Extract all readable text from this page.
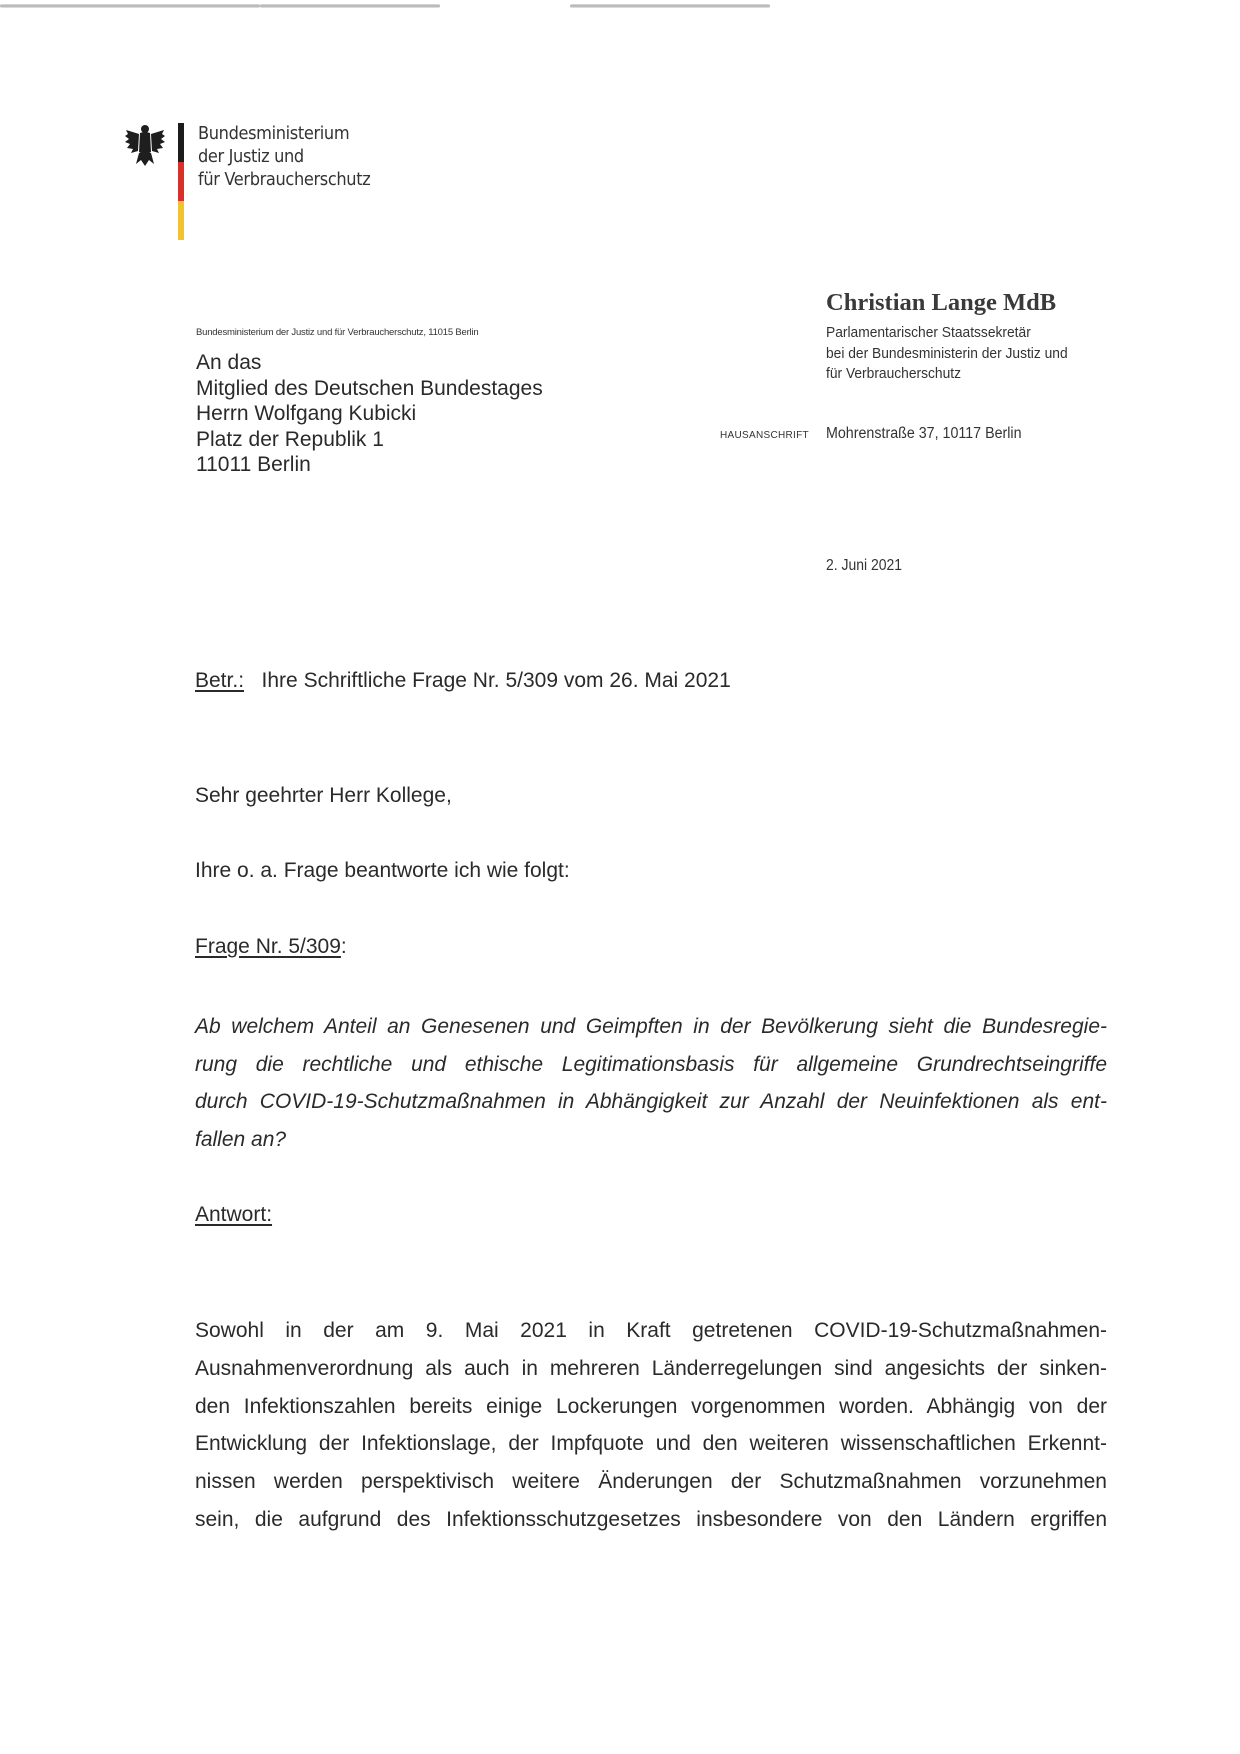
Bundesministerium
der Justiz und
für Verbraucherschutz
Bundesministerium der Justiz und für Verbraucherschutz, 11015 Berlin
An das
Mitglied des Deutschen Bundestages
Herrn Wolfgang Kubicki
Platz der Republik 1
11011 Berlin
Christian Lange MdB
Parlamentarischer Staatssekretär
bei der Bundesministerin der Justiz und
für Verbraucherschutz
HAUSANSCHRIFT Mohrenstraße 37, 10117 Berlin
2. Juni 2021
Betr.: Ihre Schriftliche Frage Nr. 5/309 vom 26. Mai 2021
Sehr geehrter Herr Kollege,
Ihre o. a. Frage beantworte ich wie folgt:
Frage Nr. 5/309:
Ab welchem Anteil an Genesenen und Geimpften in der Bevölkerung sieht die Bundesregie-
rung die rechtliche und ethische Legitimationsbasis für allgemeine Grundrechtseingriffe
durch COVID-19-Schutzmaßnahmen in Abhängigkeit zur Anzahl der Neuinfektionen als ent-
fallen an?
Antwort:
Sowohl in der am 9. Mai 2021 in Kraft getretenen COVID-19-Schutzmaßnahmen-
Ausnahmenverordnung als auch in mehreren Länderregelungen sind angesichts der sinken-
den Infektionszahlen bereits einige Lockerungen vorgenommen worden. Abhängig von der
Entwicklung der Infektionslage, der Impfquote und den weiteren wissenschaftlichen Erkennt-
nissen werden perspektivisch weitere Änderungen der Schutzmaßnahmen vorzunehmen
sein, die aufgrund des Infektionsschutzgesetzes insbesondere von den Ländern ergriffen
